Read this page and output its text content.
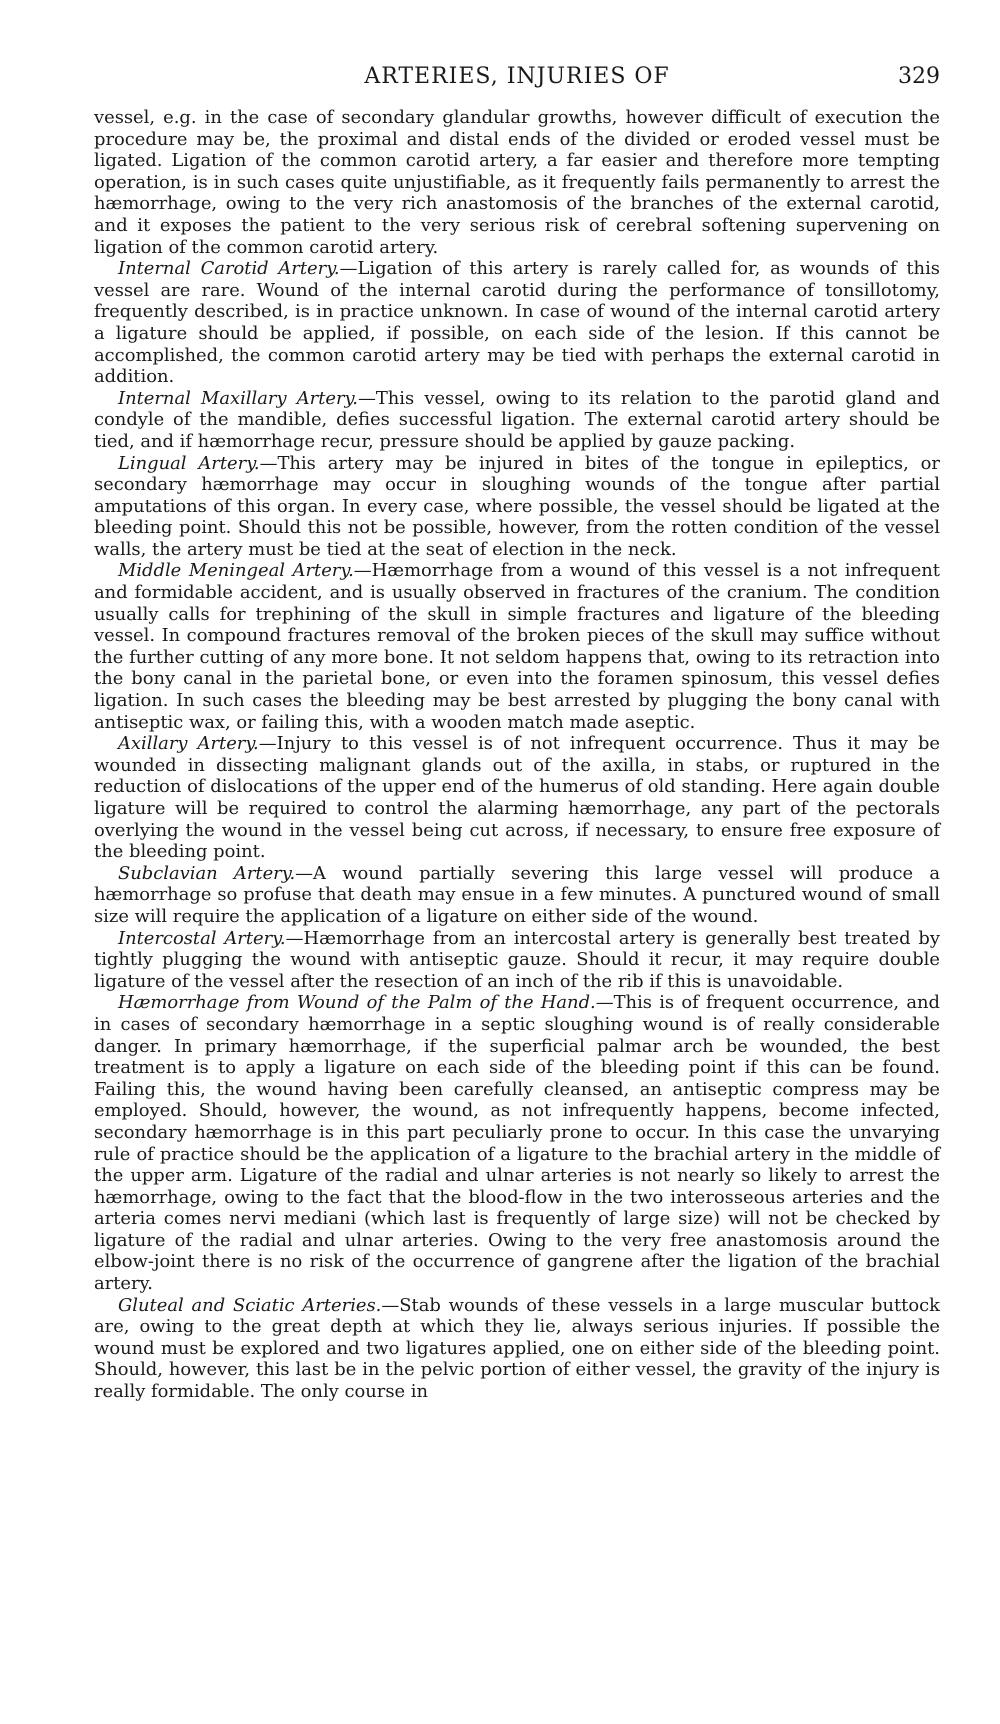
ARTERIES, INJURIES OF	329

vessel, e.g. in the case of secondary glandular growths, however difficult of execution the procedure may be, the proximal and distal ends of the divided or eroded vessel must be ligated. Ligation of the common carotid artery, a far easier and therefore more tempting operation, is in such cases quite unjustifiable, as it frequently fails permanently to arrest the hæmorrhage, owing to the very rich anastomosis of the branches of the external carotid, and it exposes the patient to the very serious risk of cerebral softening supervening on ligation of the common carotid artery.

Internal Carotid Artery.—Ligation of this artery is rarely called for, as wounds of this vessel are rare. Wound of the internal carotid during the performance of tonsillotomy, frequently described, is in practice unknown. In case of wound of the internal carotid artery a ligature should be applied, if possible, on each side of the lesion. If this cannot be accomplished, the common carotid artery may be tied with perhaps the external carotid in addition.

Internal Maxillary Artery.—This vessel, owing to its relation to the parotid gland and condyle of the mandible, defies successful ligation. The external carotid artery should be tied, and if hæmorrhage recur, pressure should be applied by gauze packing.

Lingual Artery.—This artery may be injured in bites of the tongue in epileptics, or secondary hæmorrhage may occur in sloughing wounds of the tongue after partial amputations of this organ. In every case, where possible, the vessel should be ligated at the bleeding point. Should this not be possible, however, from the rotten condition of the vessel walls, the artery must be tied at the seat of election in the neck.

Middle Meningeal Artery.—Hæmorrhage from a wound of this vessel is a not infrequent and formidable accident, and is usually observed in fractures of the cranium. The condition usually calls for trephining of the skull in simple fractures and ligature of the bleeding vessel. In compound fractures removal of the broken pieces of the skull may suffice without the further cutting of any more bone. It not seldom happens that, owing to its retraction into the bony canal in the parietal bone, or even into the foramen spinosum, this vessel defies ligation. In such cases the bleeding may be best arrested by plugging the bony canal with antiseptic wax, or failing this, with a wooden match made aseptic.

Axillary Artery.—Injury to this vessel is of not infrequent occurrence. Thus it may be wounded in dissecting malignant glands out of the axilla, in stabs, or ruptured in the reduction of dislocations of the upper end of the humerus of old standing. Here again double ligature will be required to control the alarming hæmorrhage, any part of the pectorals overlying the wound in the vessel being cut across, if necessary, to ensure free exposure of the bleeding point.

Subclavian Artery.—A wound partially severing this large vessel will produce a hæmorrhage so profuse that death may ensue in a few minutes. A punctured wound of small size will require the application of a ligature on either side of the wound.

Intercostal Artery.—Hæmorrhage from an intercostal artery is generally best treated by tightly plugging the wound with antiseptic gauze. Should it recur, it may require double ligature of the vessel after the resection of an inch of the rib if this is unavoidable.

Hæmorrhage from Wound of the Palm of the Hand.—This is of frequent occurrence, and in cases of secondary hæmorrhage in a septic sloughing wound is of really considerable danger. In primary hæmorrhage, if the superficial palmar arch be wounded, the best treatment is to apply a ligature on each side of the bleeding point if this can be found. Failing this, the wound having been carefully cleansed, an antiseptic compress may be employed. Should, however, the wound, as not infrequently happens, become infected, secondary hæmorrhage is in this part peculiarly prone to occur. In this case the unvarying rule of practice should be the application of a ligature to the brachial artery in the middle of the upper arm. Ligature of the radial and ulnar arteries is not nearly so likely to arrest the hæmorrhage, owing to the fact that the blood-flow in the two interosseous arteries and the arteria comes nervi mediani (which last is frequently of large size) will not be checked by ligature of the radial and ulnar arteries. Owing to the very free anastomosis around the elbow-joint there is no risk of the occurrence of gangrene after the ligation of the brachial artery.

Gluteal and Sciatic Arteries.—Stab wounds of these vessels in a large muscular buttock are, owing to the great depth at which they lie, always serious injuries. If possible the wound must be explored and two ligatures applied, one on either side of the bleeding point. Should, however, this last be in the pelvic portion of either vessel, the gravity of the injury is really formidable. The only course in
